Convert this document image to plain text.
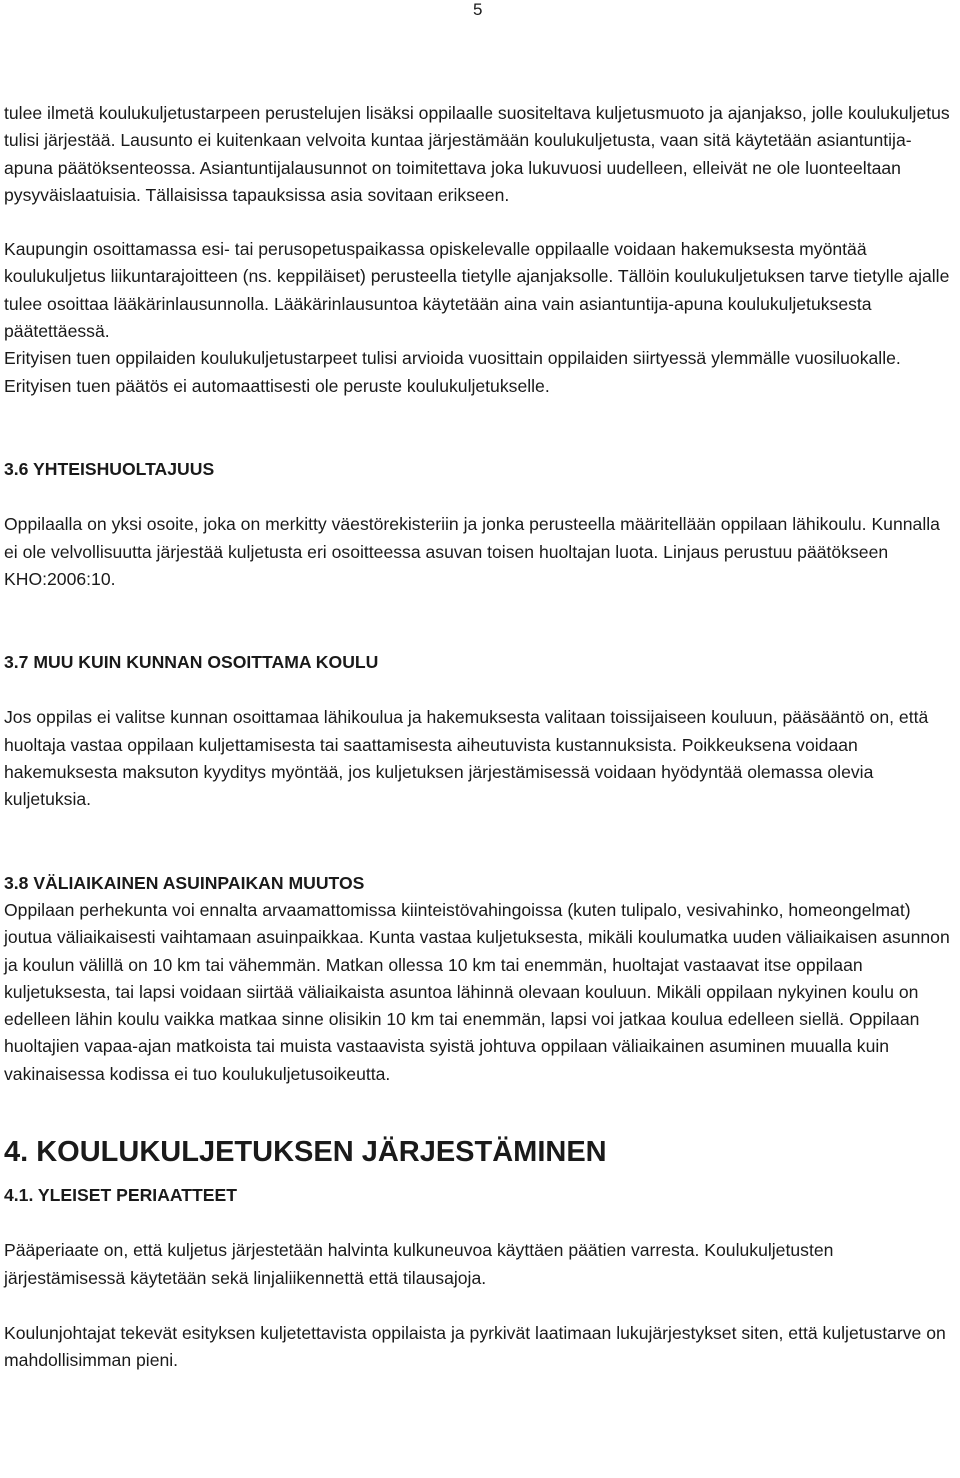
5

tulee ilmetä koulukuljetustarpeen perustelujen lisäksi oppilaalle suositeltava kuljetusmuoto ja ajanjakso, jolle koulukuljetus tulisi järjestää. Lausunto ei kuitenkaan velvoita kuntaa järjestämään koulukuljetusta, vaan sitä käytetään asiantuntija-apuna päätöksenteossa. Asiantuntijalausunnot on toimitettava joka lukuvuosi uudelleen, elleivät ne ole luonteeltaan pysyväislaatuisia. Tällaisissa tapauksissa asia sovitaan erikseen.

Kaupungin osoittamassa esi- tai perusopetuspaikassa opiskelevalle oppilaalle voidaan hakemuksesta myöntää koulukuljetus liikuntarajoitteen (ns. keppiläiset) perusteella tietylle ajanjaksolle. Tällöin koulukuljetuksen tarve tietylle ajalle tulee osoittaa lääkärinlausunnolla. Lääkärinlausuntoa käytetään aina vain asiantuntija-apuna koulukuljetuksesta päätettäessä.

Erityisen tuen oppilaiden koulukuljetustarpeet tulisi arvioida vuosittain oppilaiden siirtyessä ylemmälle vuosiluokalle. Erityisen tuen päätös ei automaattisesti ole peruste koulukuljetukselle.

3.6 YHTEISHUOLTAJUUS

Oppilaalla on yksi osoite, joka on merkitty väestörekisteriin ja jonka perusteella määritellään oppilaan lähikoulu. Kunnalla ei ole velvollisuutta järjestää kuljetusta eri osoitteessa asuvan toisen huoltajan luota. Linjaus perustuu päätökseen KHO:2006:10.

3.7 MUU KUIN KUNNAN OSOITTAMA KOULU

Jos oppilas ei valitse kunnan osoittamaa lähikoulua ja hakemuksesta valitaan toissijaiseen kouluun, pääsääntö on, että huoltaja vastaa oppilaan kuljettamisesta tai saattamisesta aiheutuvista kustannuksista. Poikkeuksena voidaan hakemuksesta maksuton kyyditys myöntää, jos kuljetuksen järjestämisessä voidaan hyödyntää olemassa olevia kuljetuksia.

3.8 VÄLIAIKAINEN ASUINPAIKAN MUUTOS

Oppilaan perhekunta voi ennalta arvaamattomissa kiinteistövahingoissa (kuten tulipalo, vesivahinko, homeongelmat) joutua väliaikaisesti vaihtamaan asuinpaikkaa. Kunta vastaa kuljetuksesta, mikäli koulumatka uuden väliaikaisen asunnon ja koulun välillä on 10 km tai vähemmän. Matkan ollessa 10 km tai enemmän, huoltajat vastaavat itse oppilaan kuljetuksesta, tai lapsi voidaan siirtää väliaikaista asuntoa lähinnä olevaan kouluun. Mikäli oppilaan nykyinen koulu on edelleen lähin koulu vaikka matkaa sinne olisikin 10 km tai enemmän, lapsi voi jatkaa koulua edelleen siellä. Oppilaan huoltajien vapaa-ajan matkoista tai muista vastaavista syistä johtuva oppilaan väliaikainen asuminen muualla kuin vakinaisessa kodissa ei tuo koulukuljetusoikeutta.

4. KOULUKULJETUKSEN JÄRJESTÄMINEN

4.1. YLEISET PERIAATTEET

Pääperiaate on, että kuljetus järjestetään halvinta kulkuneuvoa käyttäen päätien varresta. Koulukuljetusten järjestämisessä käytetään sekä linjaliikennettä että tilausajoja.

Koulunjohtajat tekevät esityksen kuljetettavista oppilaista ja pyrkivät laatimaan lukujärjestykset siten, että kuljetustarve on mahdollisimman pieni.
